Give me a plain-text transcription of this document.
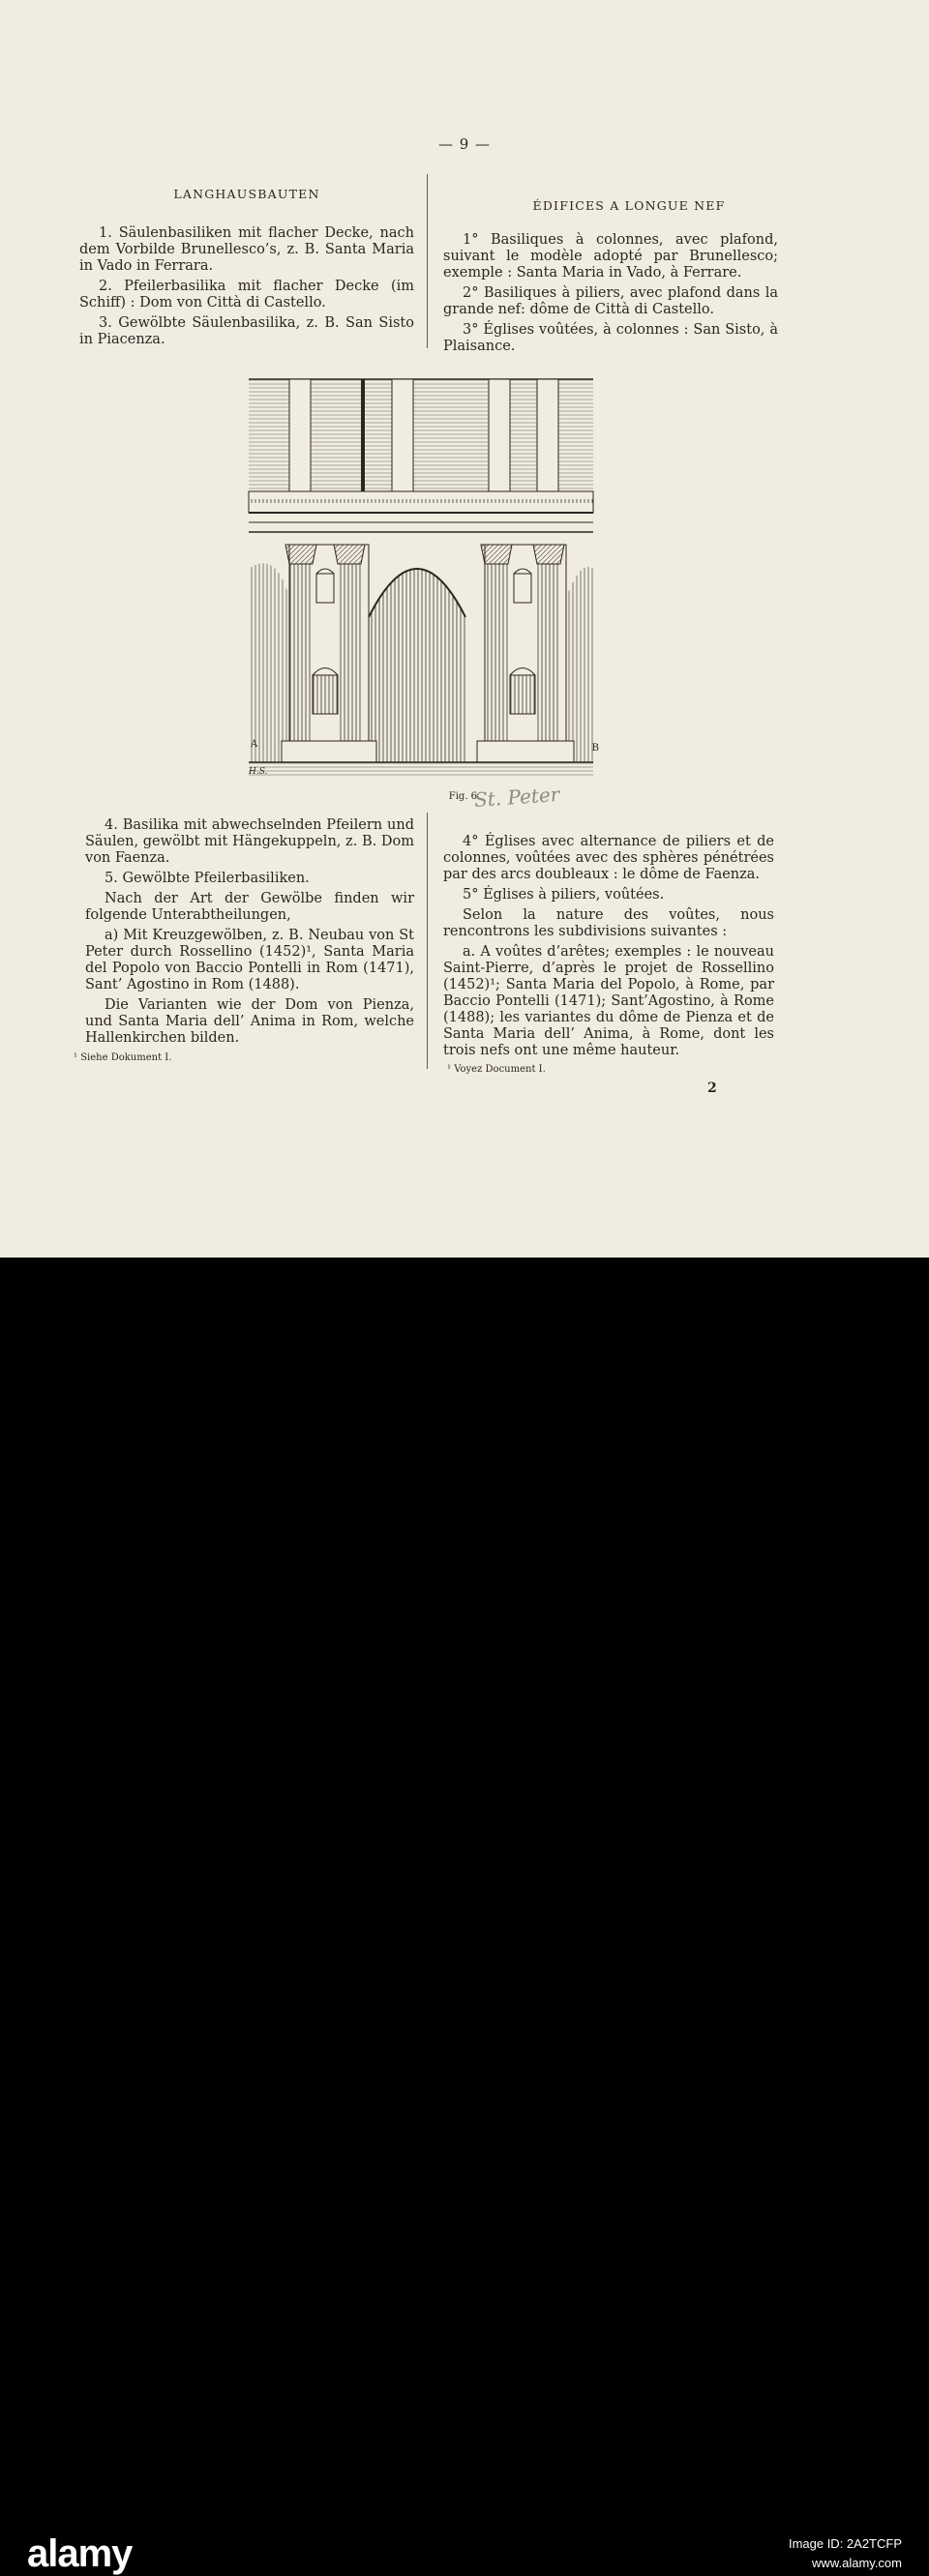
— 9 —
LANGHAUSBAUTEN
ÉDIFICES A LONGUE NEF

1. Säulenbasiliken mit flacher Decke, nach dem Vorbilde Brunellesco’s, z. B. Santa Maria in Vado in Ferrara.

2. Pfeilerbasilika mit flacher Decke (im Schiff) : Dom von Città di Castello.

3. Gewölbte Säulenbasilika, z. B. San Sisto in Piacenza.

1° Basiliques à colonnes, avec plafond, suivant le modèle adopté par Brunellesco; exemple : Santa Maria in Vado, à Ferrare.

2° Basiliques à piliers, avec plafond dans la grande nef: dôme de Città di Castello.

3° Églises voûtées, à colonnes : San Sisto, à Plaisance.

A	B
H.S.
Fig. 6.
St. Peter

4. Basilika mit abwechselnden Pfeilern und Säulen, gewölbt mit Hängekuppeln, z. B. Dom von Faenza.

5. Gewölbte Pfeilerbasiliken.

Nach der Art der Gewölbe finden wir folgende Unterabtheilungen,

a) Mit Kreuzgewölben, z. B. Neubau von St Peter durch Rossellino (1452)¹, Santa Maria del Popolo von Baccio Pontelli in Rom (1471), Sant’ Agostino in Rom (1488).

Die Varianten wie der Dom von Pienza, und Santa Maria dell’ Anima in Rom, welche Hallenkirchen bilden.

¹ Siehe Dokument I.

4° Églises avec alternance de piliers et de colonnes, voûtées avec des sphères pénétrées par des arcs doubleaux : le dôme de Faenza.

5° Églises à piliers, voûtées.

Selon la nature des voûtes, nous rencontrons les subdivisions suivantes :

a. A voûtes d’arêtes; exemples : le nouveau Saint-Pierre, d’après le projet de Rossellino (1452)¹; Santa Maria del Popolo, à Rome, par Baccio Pontelli (1471); Sant’Agostino, à Rome (1488); les variantes du dôme de Pienza et de Santa Maria dell’ Anima, à Rome, dont les trois nefs ont une même hauteur.

¹ Voyez Document I.
2
alamy	Image ID: 2A2TCFP
www.alamy.com
